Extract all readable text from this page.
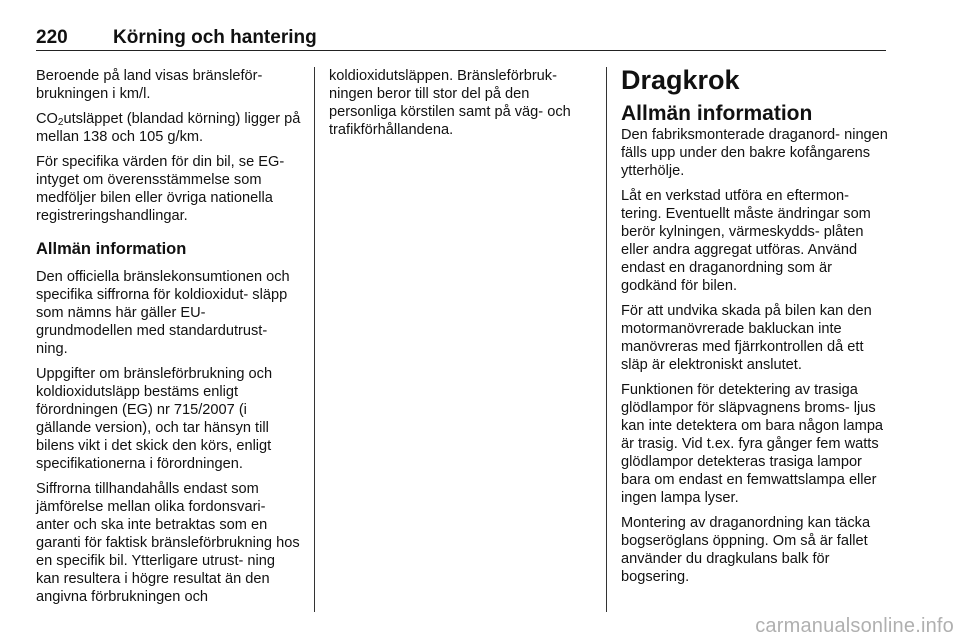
220 Körning och hantering

Beroende på land visas bränsleför- brukningen i km/l.

$CO_2utsläppet$ (blandad körning) ligger på mellan 138 och 105 g/km.

För specifika värden för din bil, se EG-intyget om överensstämmelse som medföljer bilen eller övriga nationella registreringshandlingar.

Allmän information

Den officiella bränslekonsumtionen och specifika siffrorna för koldioxidut- släpp som nämns här gäller EU- grundmodellen med standardutrust- ning.

Uppgifter om bränsleförbrukning och koldioxidutsläpp bestäms enligt förordningen (EG) nr 715/2007 (i gällande version), och tar hänsyn till bilens vikt i det skick den körs, enligt specifikationerna i förordningen.

Siffrorna tillhandahålls endast som jämförelse mellan olika fordonsvari- anter och ska inte betraktas som en garanti för faktisk bränsleförbrukning hos en specifik bil. Ytterligare utrust- ning kan resultera i högre resultat än den angivna förbrukningen och

koldioxidutsläppen. Bränsleförbruk- ningen beror till stor del på den personliga körstilen samt på väg- och trafikförhållandena.

Dragkrok
Allmän information

Den fabriksmonterade draganord- ningen fälls upp under den bakre kofångarens ytterhölje.

Låt en verkstad utföra en eftermon- tering. Eventuellt måste ändringar som berör kylningen, värmeskydds- plåten eller andra aggregat utföras. Använd endast en draganordning som är godkänd för bilen.

För att undvika skada på bilen kan den motormanövrerade bakluckan inte manövreras med fjärrkontrollen då ett släp är elektroniskt anslutet.

Funktionen för detektering av trasiga glödlampor för släpvagnens broms- ljus kan inte detektera om bara någon lampa är trasig. Vid t.ex. fyra gånger fem watts glödlampor detekteras trasiga lampor bara om endast en femwattslampa eller ingen lampa lyser.

Montering av draganordning kan täcka bogseröglans öppning. Om så är fallet använder du dragkulans balk för bogsering.

carmanualsonline.info
